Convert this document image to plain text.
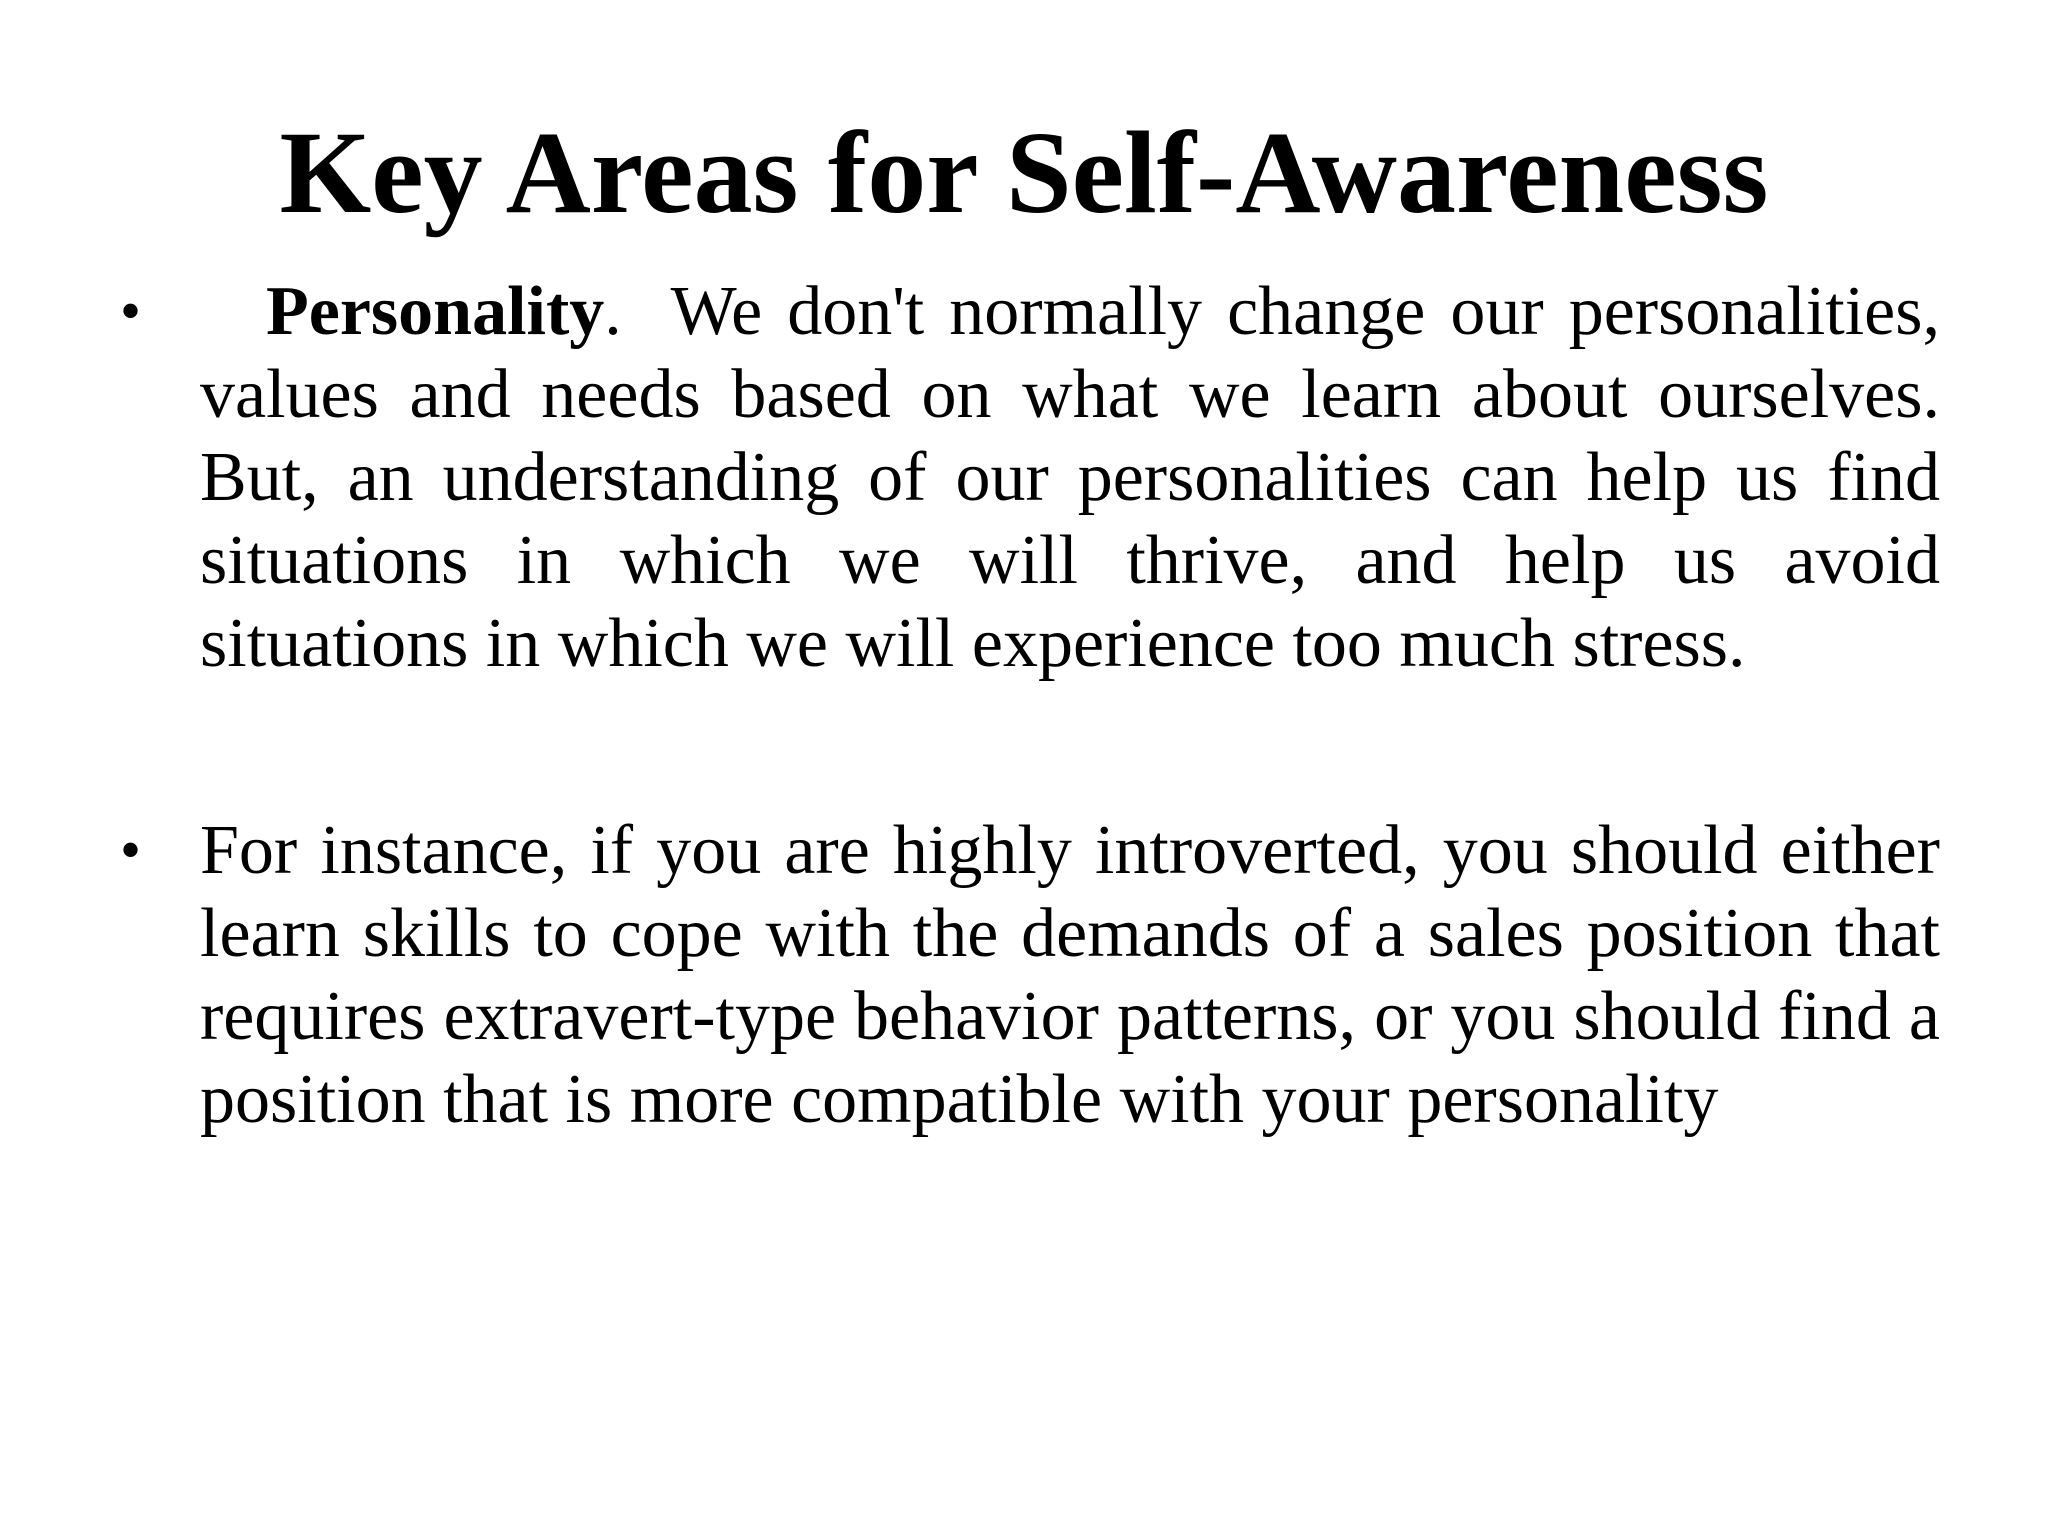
Key Areas for Self-Awareness
• Personality.  We don't normally change our personalities, values and needs based on what we learn about ourselves.  But, an understanding of our personalities can help us find situations in which we will thrive, and help us avoid situations in which we will experience too much stress.
• For instance, if you are highly introverted, you should either learn skills to cope with the demands of a sales position that requires extravert-type behavior patterns, or you should find a position that is more compatible with your personality
